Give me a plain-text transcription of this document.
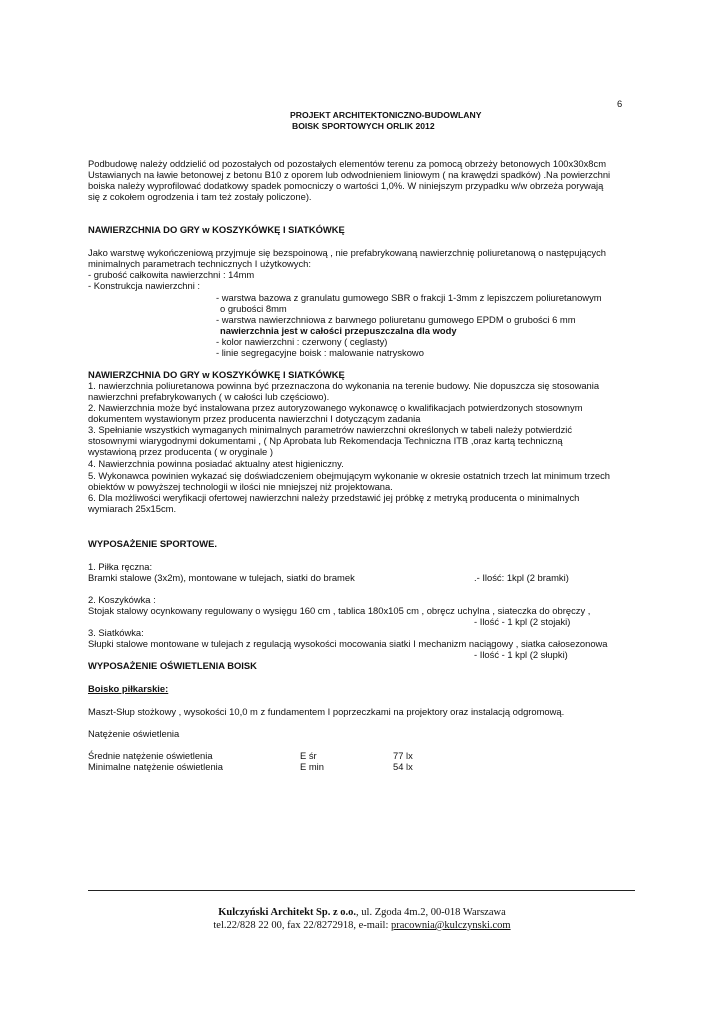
6
PROJEKT ARCHITEKTONICZNO-BUDOWLANY
BOISK SPORTOWYCH ORLIK 2012
Podbudowę należy oddzielić od pozostałych od pozostałych elementów terenu za pomocą obrzeży betonowych 100x30x8cm
Ustawianych na ławie betonowej z betonu B10 z oporem lub odwodnieniem liniowym ( na krawędzi spadków) .Na powierzchni
boiska należy wyprofilować dodatkowy spadek pomocniczy o wartości 1,0%. W niniejszym przypadku w/w obrzeża porywają
się z cokołem ogrodzenia i tam też zostały policzone).
NAWIERZCHNIA DO GRY w KOSZYKÓWKĘ I SIATKÓWKĘ
Jako warstwę wykończeniową przyjmuje się bezspoinową , nie prefabrykowaną nawierzchnię poliuretanową o następujących
minimalnych parametrach technicznych I użytkowych:
- grubość całkowita nawierzchni : 14mm
- Konstrukcja nawierzchni :
- warstwa bazowa z granulatu gumowego SBR o frakcji 1-3mm z lepiszczem poliuretanowym
o grubości 8mm
- warstwa nawierzchniowa z barwnego poliuretanu gumowego EPDM o grubości 6 mm
nawierzchnia jest w całości przepuszczalna dla wody
- kolor nawierzchni : czerwony ( ceglasty)
- linie segregacyjne boisk : malowanie natryskowo
NAWIERZCHNIA DO GRY w KOSZYKÓWKĘ I SIATKÓWKĘ
1. nawierzchnia poliuretanowa powinna być przeznaczona do wykonania na terenie budowy. Nie dopuszcza się stosowania
nawierzchni prefabrykowanych ( w całości lub częściowo).
2. Nawierzchnia może być instalowana przez autoryzowanego wykonawcę o kwalifikacjach potwierdzonych stosownym
dokumentem wystawionym przez producenta nawierzchni I dotyczącym zadania
3. Spełnianie wszystkich wymaganych minimalnych parametrów nawierzchni określonych w tabeli należy potwierdzić
stosownymi wiarygodnymi dokumentami , ( Np Aprobata lub Rekomendacja Techniczna ITB ,oraz kartą techniczną
wystawioną przez producenta ( w oryginale )
4. Nawierzchnia powinna posiadać aktualny atest higieniczny.
5. Wykonawca powinien wykazać się doświadczeniem obejmującym wykonanie w okresie ostatnich trzech lat minimum trzech
obiektów w powyższej technologii w ilości nie mniejszej niż projektowana.
6. Dla możliwości weryfikacji ofertowej nawierzchni należy przedstawić jej próbkę z metryką producenta o minimalnych
wymiarach 25x15cm.
WYPOSAŻENIE SPORTOWE.
1. Piłka ręczna:
Bramki stalowe (3x2m), montowane w tulejach, siatki do bramek	.- Ilość: 1kpl (2 bramki)
2. Koszykówka :
Stojak stalowy ocynkowany regulowany o wysięgu 160 cm , tablica 180x105 cm , obręcz uchylna , siateczka do obręczy ,
- Ilość - 1 kpl (2 stojaki)
3. Siatkówka:
Słupki stalowe montowane w tulejach z regulacją wysokości mocowania siatki I mechanizm naciągowy , siatka całosezonowa
- Ilość - 1 kpl (2 słupki)
WYPOSAŻENIE OŚWIETLENIA BOISK
Boisko piłkarskie:
Maszt-Słup stożkowy , wysokości 10,0 m z fundamentem I poprzeczkami na projektory oraz instalacją odgromową.
Natężenie oświetlenia
Średnie natężenie oświetlenia	E śr	77 lx
Minimalne natężenie oświetlenia	E min	54 lx
Kulczyński Architekt Sp. z o.o., ul. Zgoda 4m.2, 00-018 Warszawa
tel.22/828 22 00, fax 22/8272918, e-mail: pracownia@kulczynski.com
